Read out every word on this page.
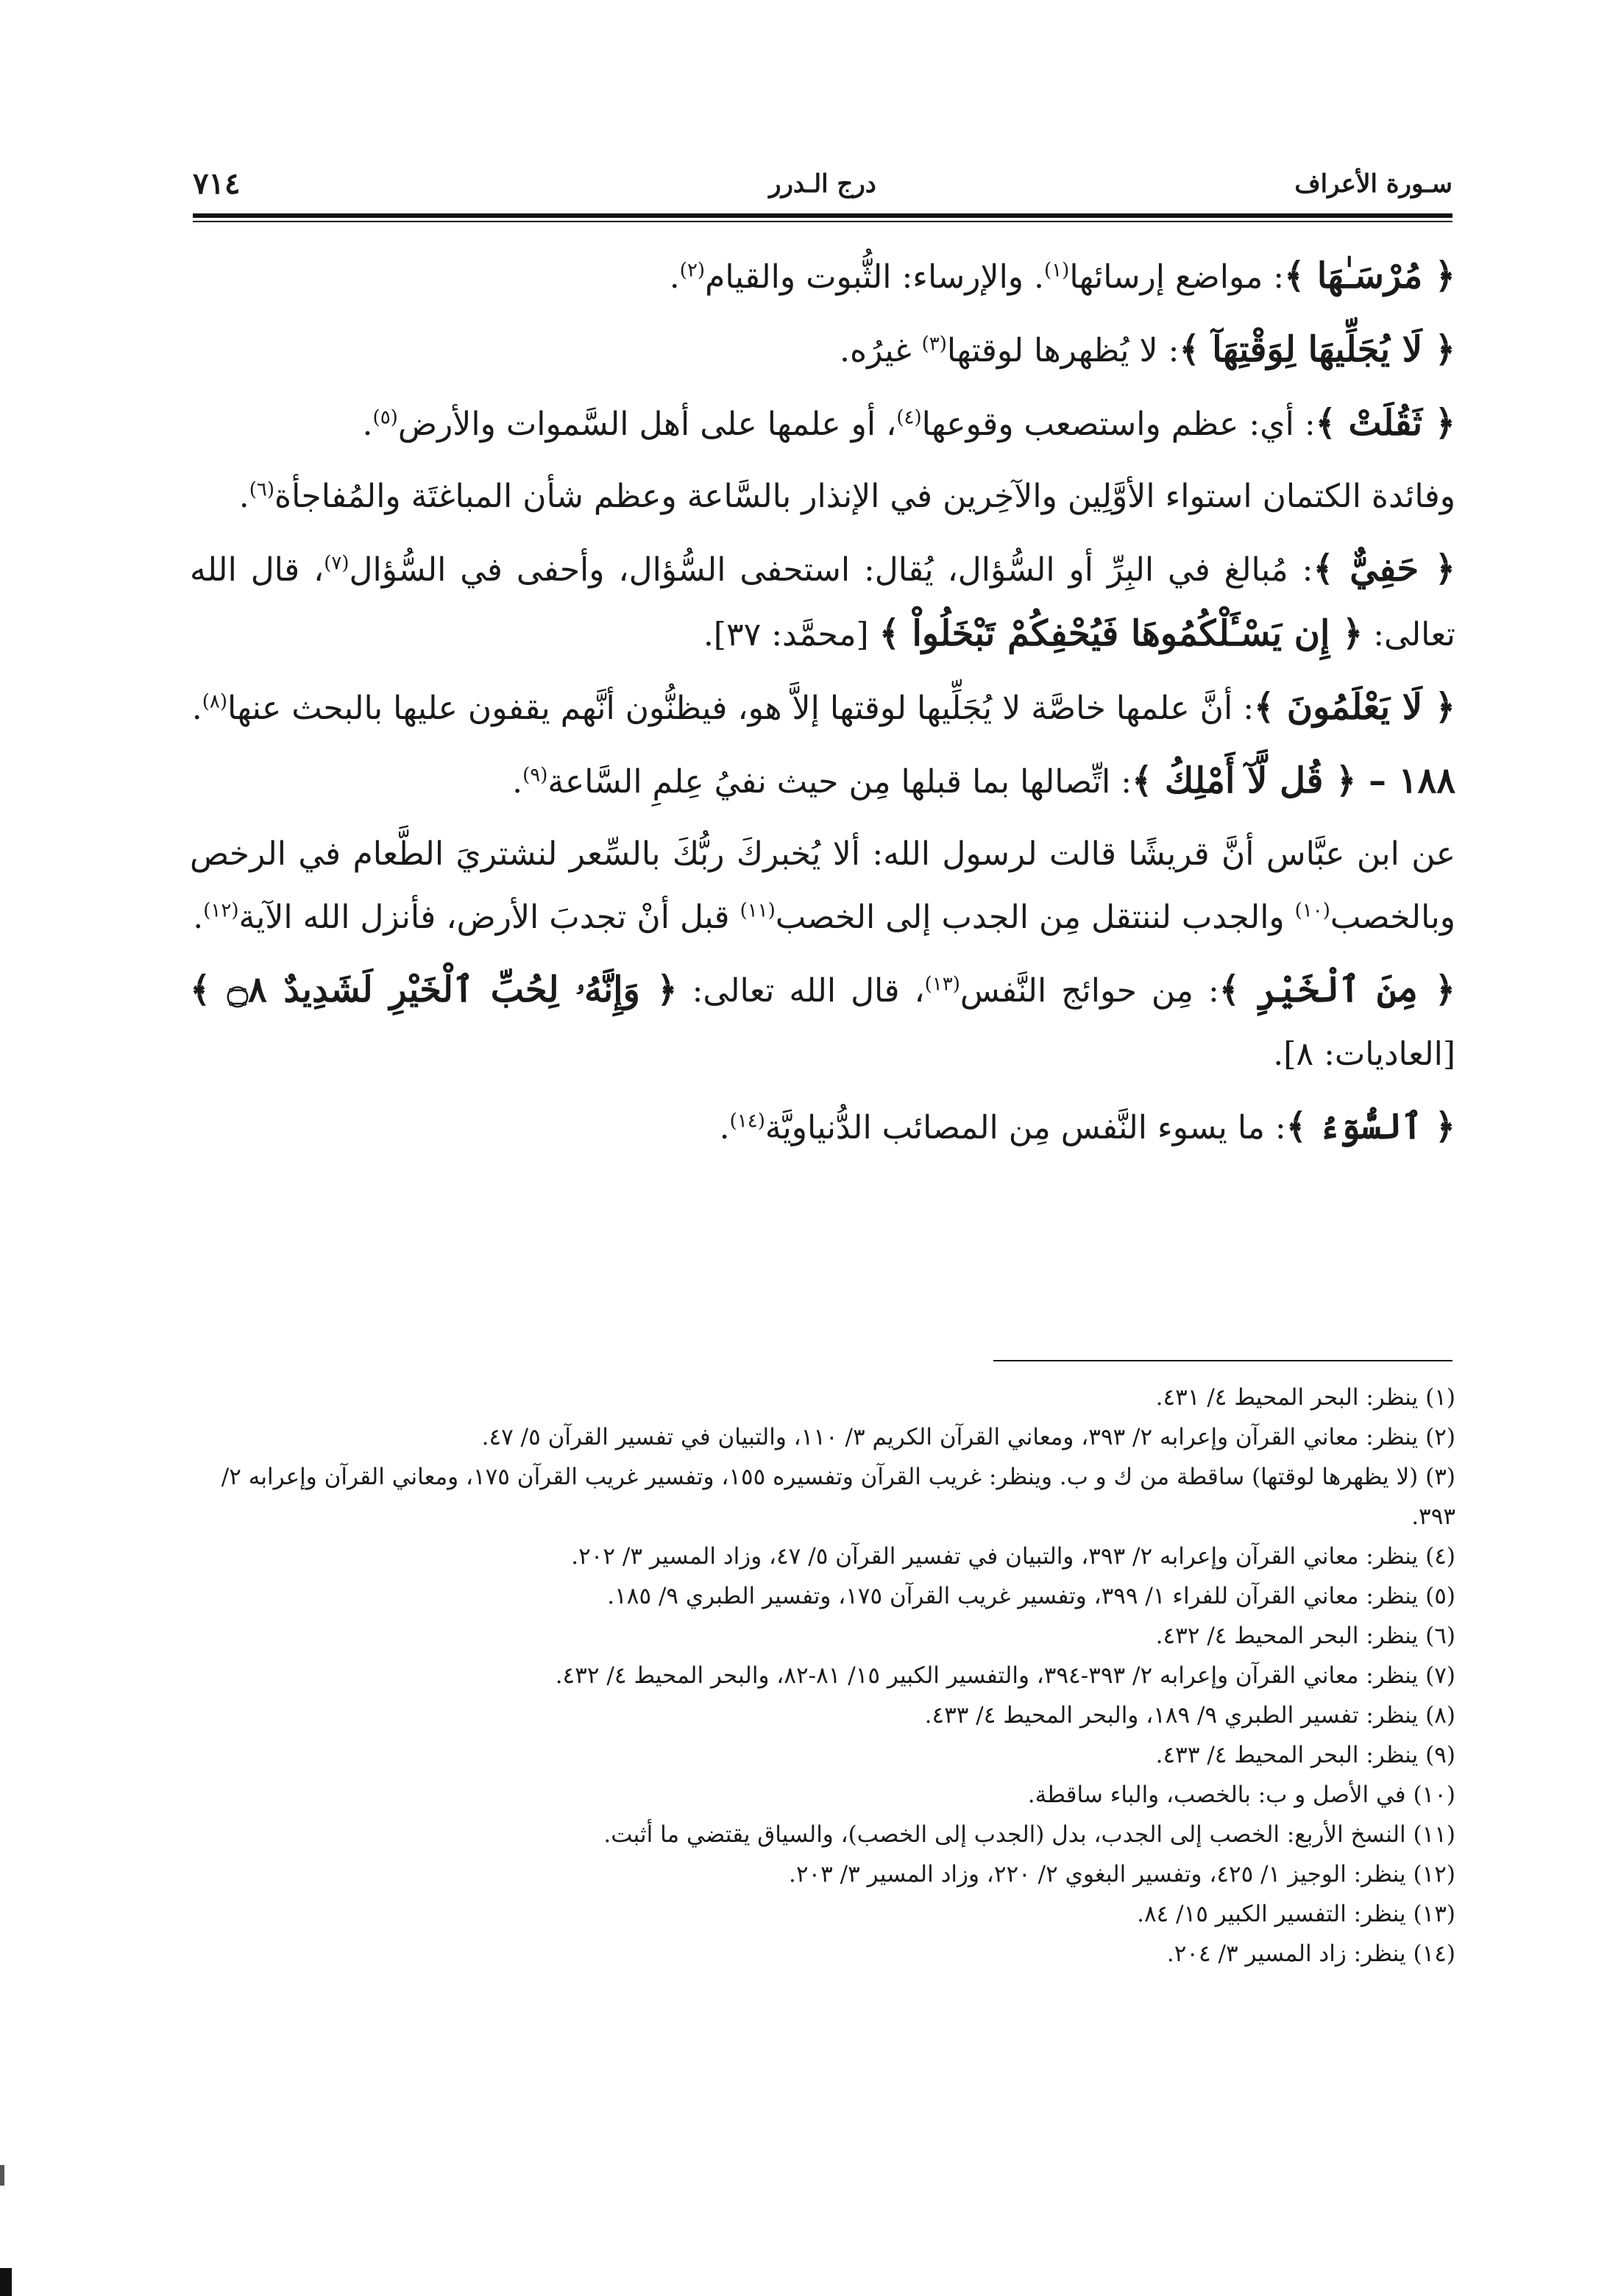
سـورة الأعراف
درج الـدرر
٧١٤

﴿ مُرْسَـٰهَا ﴾: مواضع إرسائها$^{(١)}$. والإرساء: الثُّبوت والقيام$^{(٢)}$.

﴿ لَا يُجَلِّيهَا لِوَقْتِهَآ ﴾: لا يُظهرها لوقتها$^{(٣)}$ غيرُه.

﴿ ثَقُلَتْ ﴾: أي: عظم واستصعب وقوعها$^{(٤)}$، أو علمها على أهل السَّموات والأرض$^{(٥)}$.

وفائدة الكتمان استواء الأوَّلِين والآخِرين في الإنذار بالسَّاعة وعظم شأن المباغتَة والمُفاجأة$^{(٦)}$.

﴿ حَفِيٌّ ﴾: مُبالغ في البِرِّ أو السُّؤال، يُقال: استحفى السُّؤال، وأحفى في السُّؤال$^{(٧)}$، قال الله تعالى: ﴿ إِن يَسْـَٔلْكُمُوهَا فَيُحْفِكُمْ تَبْخَلُواْ ﴾ [محمَّد: ٣٧].

﴿ لَا يَعْلَمُونَ ﴾: أنَّ علمها خاصَّة لا يُجَلِّيها لوقتها إلاَّ هو، فيظنُّون أنَّهم يقفون عليها بالبحث عنها$^{(٨)}$.

١٨٨ – ﴿ قُل لَّآ أَمْلِكُ ﴾: اتِّصالها بما قبلها مِن حيث نفيُ عِلمِ السَّاعة$^{(٩)}$.

عن ابن عبَّاس أنَّ قريشًا قالت لرسول الله: ألا يُخبركَ ربُّكَ بالسِّعر لنشتريَ الطَّعام في الرخص وبالخصب$^{(١٠)}$ والجدب لننتقل مِن الجدب إلى الخصب$^{(١١)}$ قبل أنْ تجدبَ الأرض، فأنزل الله الآية$^{(١٢)}$.

﴿ مِنَ ٱلْخَيْرِ ﴾: مِن حوائج النَّفس$^{(١٣)}$، قال الله تعالى: ﴿ وَإِنَّهُۥ لِحُبِّ ٱلْخَيْرِ لَشَدِيدٌ ۝٨ ﴾ [العاديات: ٨].

﴿ ٱلسُّوٓءُ ﴾: ما يسوء النَّفس مِن المصائب الدُّنياويَّة$^{(١٤)}$.

(١) ينظر: البحر المحيط ٤/ ٤٣١.

(٢) ينظر: معاني القرآن وإعرابه ٢/ ٣٩٣، ومعاني القرآن الكريم ٣/ ١١٠، والتبيان في تفسير القرآن ٥/ ٤٧.

(٣) (لا يظهرها لوقتها) ساقطة من ك و ب. وينظر: غريب القرآن وتفسيره ١٥٥، وتفسير غريب القرآن ١٧٥، ومعاني القرآن وإعرابه ٢/ ٣٩٣.

(٤) ينظر: معاني القرآن وإعرابه ٢/ ٣٩٣، والتبيان في تفسير القرآن ٥/ ٤٧، وزاد المسير ٣/ ٢٠٢.

(٥) ينظر: معاني القرآن للفراء ١/ ٣٩٩، وتفسير غريب القرآن ١٧٥، وتفسير الطبري ٩/ ١٨٥.

(٦) ينظر: البحر المحيط ٤/ ٤٣٢.

(٧) ينظر: معاني القرآن وإعرابه ٢/ ٣٩٣-٣٩٤، والتفسير الكبير ١٥/ ٨١-٨٢، والبحر المحيط ٤/ ٤٣٢.

(٨) ينظر: تفسير الطبري ٩/ ١٨٩، والبحر المحيط ٤/ ٤٣٣.

(٩) ينظر: البحر المحيط ٤/ ٤٣٣.

(١٠) في الأصل و ب: بالخصب، والباء ساقطة.

(١١) النسخ الأربع: الخصب إلى الجدب، بدل (الجدب إلى الخصب)، والسياق يقتضي ما أثبت.

(١٢) ينظر: الوجيز ١/ ٤٢٥، وتفسير البغوي ٢/ ٢٢٠، وزاد المسير ٣/ ٢٠٣.

(١٣) ينظر: التفسير الكبير ١٥/ ٨٤.

(١٤) ينظر: زاد المسير ٣/ ٢٠٤.
